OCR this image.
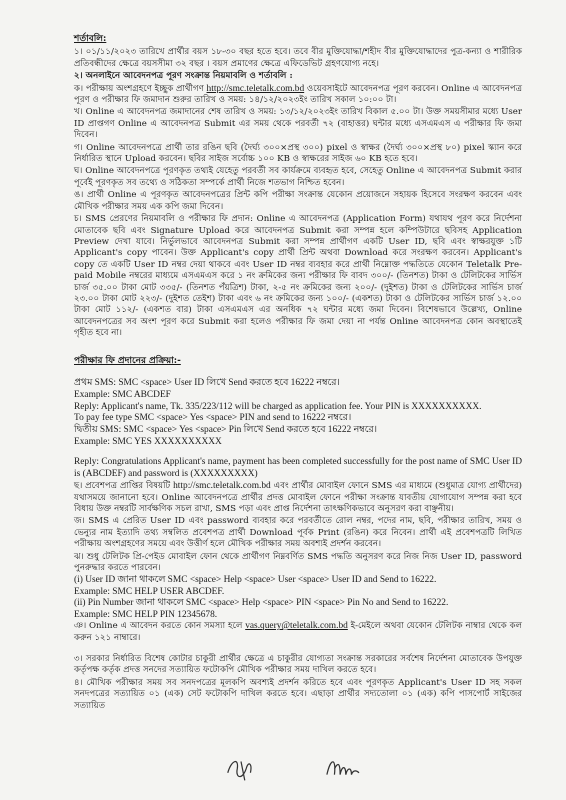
শর্তাবলি:

১। ০১/১১/২০২৩ তারিখে প্রার্থীর বয়স ১৮-৩০ বছর হতে হবে। তবে বীর মুক্তিযোদ্ধা/শহীদ বীর মুক্তিযোদ্ধাদের পুত্র-কন্যা ও শারীরিক প্রতিবন্ধীদের ক্ষেত্রে বয়সসীমা ৩২ বছর । বয়স প্রমাণের ক্ষেত্রে এফিডেভিট গ্রহণযোগ্য নহে।

২। অনলাইনে আবেদনপত্র পূরণ সংক্রান্ত নিয়মাবলি ও শর্তাবলি :

ক। পরীক্ষায় অংশগ্রহণে ইচ্ছুক প্রার্থীগণ http://smc.teletalk.com.bd ওয়েবসাইটে আবেদনপত্র পূরণ করবেন। Online এ আবেদনপত্র পূরণ ও পরীক্ষার ফি জমাদান শুরুর তারিখ ও সময়: ১৪/১২/২০২৩ইং তারিখ সকাল ১০:০০ টা।

খ। Online এ আবেদনপত্র জমাদানের শেষ তারিখ ও সময়: ১৩/১২/২০২৩ইং তারিখ বিকাল ৫.০০ টা। উক্ত সময়সীমার মধ্যে User ID প্রাপ্তগণ Online এ আবেদনপত্র Submit এর সময় থেকে পরবর্তী ৭২ (বাহাত্তর) ঘন্টার মধ্যে এসএমএস এ পরীক্ষার ফি জমা দিবেন।

গ। Online আবেদনপত্রে প্রার্থী তার রঙিন ছবি (দৈর্ঘ্য ৩০০×প্রস্থ ৩০০) pixel ও স্বাক্ষর (দৈর্ঘ্য ৩০০×প্রস্থ ৮০) pixel স্ক্যান করে নির্ধারিত স্থানে Upload করবেন। ছবির সাইজ সর্বোচ্চ ১০০ KB ও স্বাক্ষরের সাইজ ৬০ KB হতে হবে।

ঘ। Online আবেদনপত্রে পূরণকৃত তথ্যই যেহেতু পরবর্তী সব কার্যক্রমে ব্যবহৃত হবে, সেহেতু Online এ আবেদনপত্র Submit করার পূর্বেই পূরণকৃত সব তথ্যে ও সঠিকতা সম্পর্কে প্রার্থী নিজে শতভাগ নিশ্চিত হবেন।

ঙ। প্রার্থী Online এ পূরণকৃত আবেদনপত্রের প্রিন্ট কপি পরীক্ষা সংক্রান্ত যেকোন প্রয়োজনে সহায়ক হিসেবে সংরক্ষণ করবেন এবং মৌখিক পরীক্ষার সময় এক কপি জমা দিবেন।

চ। SMS প্রেরণের নিয়মাবলি ও পরীক্ষার ফি প্রদান: Online এ আবেদনপত্র (Application Form) যথাযথ পূরণ করে নির্দেশনা মোতাবেক ছবি এবং Signature Upload করে আবেদনপত্র Submit করা সম্পন্ন হলে কম্পিউটারে ছবিসহ Application Preview দেখা যাবে। নির্ভুলভাবে আবেদনপত্র Submit করা সম্পন্ন প্রার্থীগণ একটি User ID, ছবি এবং স্বাক্ষরযুক্ত ১টি Applicant's copy পাবেন। উক্ত Applicant's copy প্রার্থী প্রিন্ট অথবা Download করে সংরক্ষণ করবেন। Applicant's copy তে একটি User ID নম্বর দেয়া থাকবে এবং User ID নম্বর ব্যবহার করে প্রার্থী নিম্নোক্ত পদ্ধতিতে যেকোন Teletalk Pre-paid Mobile নম্বরের মাধ্যমে এসএমএস করে ১ নং ক্রমিকের জন্য পরীক্ষার ফি বাবদ ৩০০/- (তিনশত) টাকা ও টেলিটকের সার্ভিস চার্জ ৩৫.০০ টাকা মোট ৩৩৫/- (তিনশত পঁয়ত্রিশ) টাকা, ২-৫ নং ক্রমিকের জন্য ২০০/- (দুইশত) টাকা ও টেলিটকের সার্ভিস চার্জ ২৩.০০ টাকা মোট ২২৩/- (দুইশত তেইশ) টাকা এবং ৬ নং ক্রমিকের জন্য ১০০/- (একশত) টাকা ও টেলিটকের সার্ভিস চার্জ ১২.০০ টাকা মোট ১১২/- (একশত বার) টাকা এসএমএস এর অনধিক ৭২ ঘন্টার মধ্যে জমা দিবেন। বিশেষভাবে উল্লেখ্য, Online আবেদনপত্রের সব অংশ পূরণ করে Submit করা হলেও পরীক্ষার ফি জমা দেয়া না পর্যন্ত Online আবেদনপত্র কোন অবস্থাতেই গৃহীত হবে না।

পরীক্ষার ফি প্রদানের প্রক্রিয়া:-

প্রথম SMS: SMC <space> User ID লিখে Send করতে হবে 16222 নম্বরে।

Example: SMC ABCDEF

Reply: Applicant's name, Tk. 335/223/112 will be charged as application fee. Your PIN is XXXXXXXXXX.

To pay fee type SMC <space> Yes <space> PIN and send to 16222 নম্বরে।

দ্বিতীয় SMS: SMC <space> Yes <space> Pin লিখে Send করতে হবে 16222 নম্বরে।

Example: SMC YES XXXXXXXXXX

Reply: Congratulations Applicant's name, payment has been completed successfully for the post name of SMC User ID is (ABCDEF) and password is (XXXXXXXXX)

ছ। প্রবেশপত্র প্রাপ্তির বিষয়টি http://smc.teletalk.com.bd এবং প্রার্থীর মোবাইল ফোনে SMS এর মাধ্যমে (শুধুমাত্র যোগ্য প্রার্থীদের) যথাসময়ে জানানো হবে। Online আবেদনপত্রে প্রার্থীর প্রদত্ত মোবাইল ফোনে পরীক্ষা সংক্রান্ত যাবতীয় যোগাযোগ সম্পন্ন করা হবে বিধায় উক্ত নম্বরটি সার্বক্ষণিক সচল রাখা, SMS পড়া এবং প্রাপ্ত নির্দেশনা তাৎক্ষণিকভাবে অনুসরণ করা বাঞ্ছনীয়।

জ। SMS এ প্রেরিত User ID এবং password ব্যবহার করে পরবর্তীতে রোল নম্বর, পদের নাম, ছবি, পরীক্ষার তারিখ, সময় ও ভেন্যুর নাম ইত্যাদি তথ্য সম্বলিত প্রবেশপত্র প্রার্থী Download পূর্বক Print (রঙিন) করে নিবেন। প্রার্থী এই প্রবেশপত্রটি লিখিত পরীক্ষায় অংশগ্রহণের সময়ে এবং উত্তীর্ণ হলে মৌখিক পরীক্ষার সময় অবশ্যই প্রদর্শন করবেন।

ঝ। শুধু টেলিটক প্রি-পেইড মোবাইল ফোন থেকে প্রার্থীগণ নিম্নবর্ণিত SMS পদ্ধতি অনুসরণ করে নিজ নিজ User ID, password পুনরুদ্ধার করতে পারবেন।

(i) User ID জানা থাকলে SMC <space> Help <space> User <space> User ID and Send to 16222.

Example: SMC HELP USER ABCDEF.

(ii) Pin Number জানা থাকলে SMC <space> Help <space> PIN <space> Pin No and Send to 16222.

Example: SMC HELP PIN 12345678.

ঞ। Online এ আবেদন করতে কোন সমস্যা হলে vas.query@teletalk.com.bd ই-মেইলে অথবা যেকোন টেলিটক নাম্বার থেকে কল করুন ১২১ নাম্বারে।

৩। সরকার নির্ধারিত বিশেষ কোটার চাকুরী প্রার্থীর ক্ষেত্রে এ চাকুরীর যোগ্যতা সংক্রান্ত সরকারের সর্বশেষ নির্দেশনা মোতাবেক উপযুক্ত কর্তৃপক্ষ কর্তৃক প্রদত্ত সনদের সত্যায়িত ফটোকপি মৌখিক পরীক্ষার সময় দাখিল করতে হবে।

৪। মৌখিক পরীক্ষার সময় সব সনদপত্রের মূলকপি অবশ্যই প্রদর্শন করিতে হবে এবং পূরণকৃত Applicant's User ID সহ সকল সনদপত্রের সত্যায়িত ০১ (এক) সেট ফটোকপি দাখিল করতে হবে। এছাড়া প্রার্থীর সদ্যতোলা ০১ (এক) কপি পাসপোর্ট সাইজের সত্যায়িত
